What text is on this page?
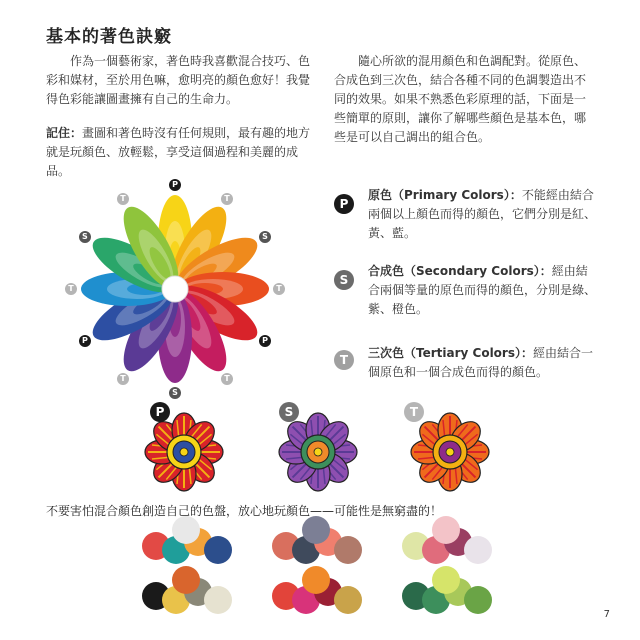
基本的著色訣竅
作為一個藝術家，著色時我喜歡混合技巧、色彩和媒材，至於用色嘛，愈明亮的顏色愈好！我覺得色彩能讓圖畫擁有自己的生命力。
記住：畫圖和著色時沒有任何規則，最有趣的地方就是玩顏色、放輕鬆，享受這個過程和美麗的成品。
隨心所欲的混用顏色和色調配對。從原色、合成色到三次色，結合各種不同的色調製造出不同的效果。如果不熟悉色彩原理的話，下面是一些簡單的原則，讓你了解哪些顏色是基本色，哪些是可以自己調出的組合色。
P
原色（Primary Colors）：不能經由結合兩個以上顏色而得的顏色，它們分別是紅、黃、藍。
S
合成色（Secondary Colors）：經由結合兩個等量的原色而得的顏色，分別是綠、紫、橙色。
T	三次色（Tertiary Colors）：經由結合一個原色和一個合成色而得的顏色。
P
T
S
T
P
T
S
T
P
T
S
T
P	S	T
不要害怕混合顏色創造自己的色盤，放心地玩顏色——可能性是無窮盡的！
7
